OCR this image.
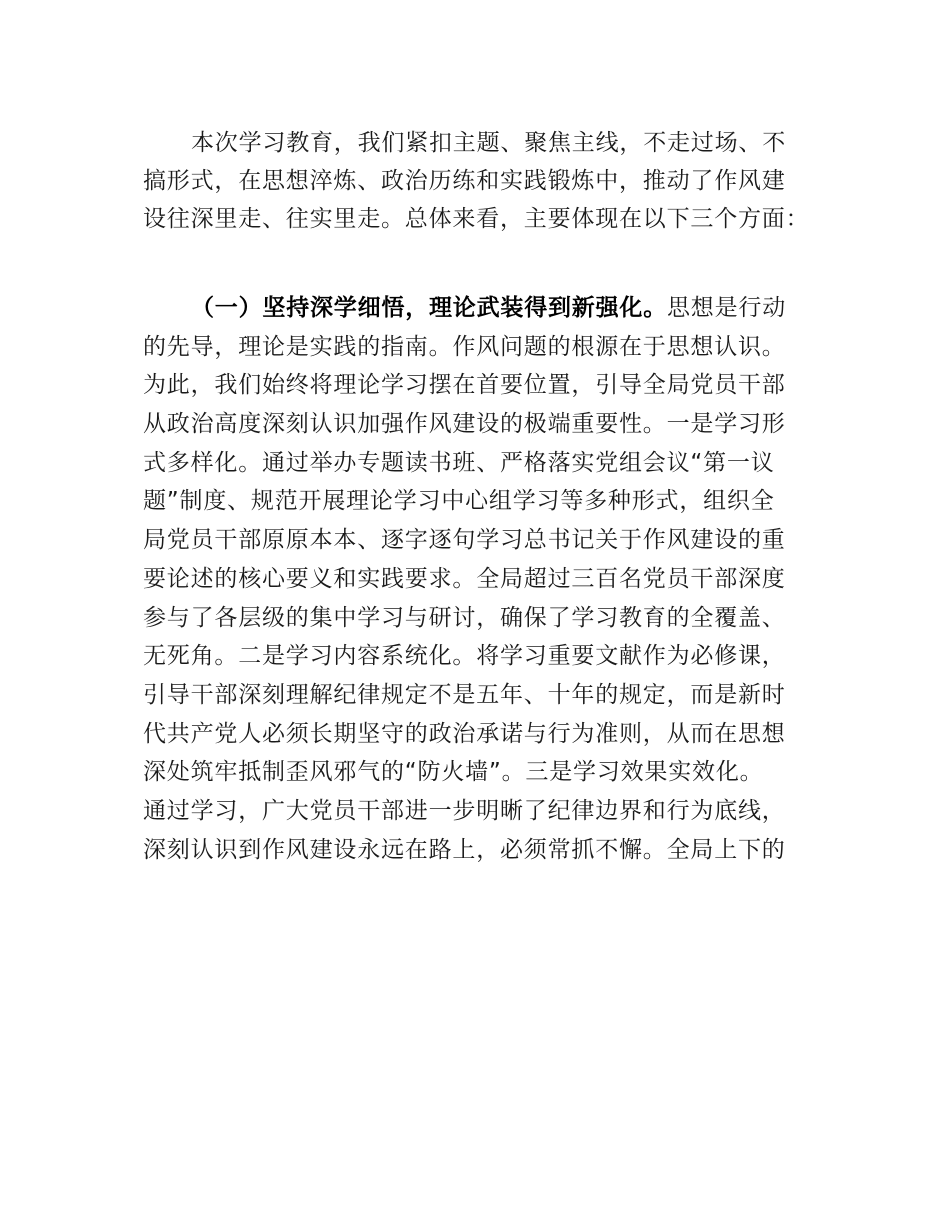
本次学习教育，我们紧扣主题、聚焦主线，不走过场、不
搞形式，在思想淬炼、政治历练和实践锻炼中，推动了作风建
设往深里走、往实里走。总体来看，主要体现在以下三个方面：
（一）坚持深学细悟，理论武装得到新强化。思想是行动
的先导，理论是实践的指南。作风问题的根源在于思想认识。
为此，我们始终将理论学习摆在首要位置，引导全局党员干部
从政治高度深刻认识加强作风建设的极端重要性。一是学习形
式多样化。通过举办专题读书班、严格落实党组会议“第一议
题”制度、规范开展理论学习中心组学习等多种形式，组织全
局党员干部原原本本、逐字逐句学习总书记关于作风建设的重
要论述的核心要义和实践要求。全局超过三百名党员干部深度
参与了各层级的集中学习与研讨，确保了学习教育的全覆盖、
无死角。二是学习内容系统化。将学习重要文献作为必修课，
引导干部深刻理解纪律规定不是五年、十年的规定，而是新时
代共产党人必须长期坚守的政治承诺与行为准则，从而在思想
深处筑牢抵制歪风邪气的“防火墙”。三是学习效果实效化。
通过学习，广大党员干部进一步明晰了纪律边界和行为底线，
深刻认识到作风建设永远在路上，必须常抓不懈。全局上下的
